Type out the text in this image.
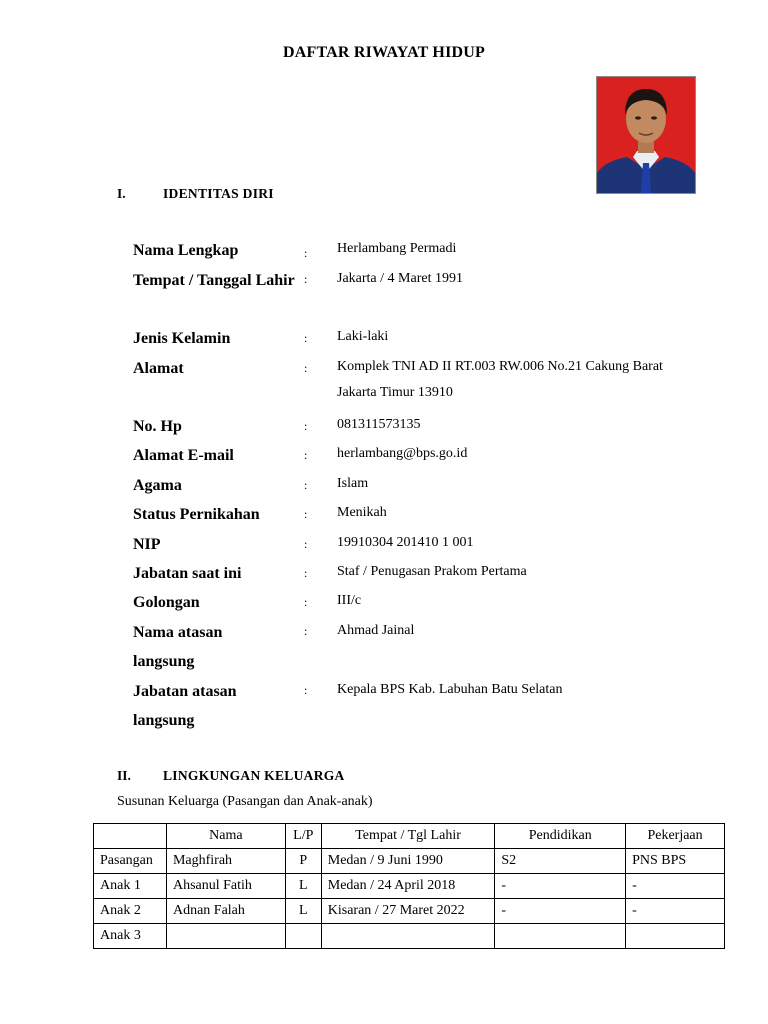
DAFTAR RIWAYAT HIDUP
I.	IDENTITAS DIRI
Nama Lengkap	: Herlambang Permadi
Tempat / Tanggal Lahir : Jakarta / 4 Maret 1991
Jenis Kelamin	: Laki-laki
Alamat	: Komplek TNI AD II RT.003 RW.006 No.21 Cakung Barat Jakarta Timur 13910
No. Hp	: 081311573135
Alamat E-mail	: herlambang@bps.go.id
Agama	: Islam
Status Pernikahan	: Menikah
NIP	: 19910304 201410 1 001
Jabatan saat ini	: Staf / Penugasan Prakom Pertama
Golongan	: III/c
Nama atasan langsung
: Ahmad Jainal
Jabatan atasan langsung
: Kepala BPS Kab. Labuhan Batu Selatan
II. LINGKUNGAN KELUARGA
Susunan Keluarga (Pasangan dan Anak-anak)
	Nama	L/P	Tempat / Tgl Lahir	Pendidikan	Pekerjaan
Pasangan	Maghfirah	P	Medan / 9 Juni 1990	S2	PNS BPS
Anak 1	Ahsanul Fatih	L	Medan / 24 April 2018	-	-
Anak 2	Adnan Falah	L	Kisaran / 27 Maret 2022	-	-
Anak 3					
